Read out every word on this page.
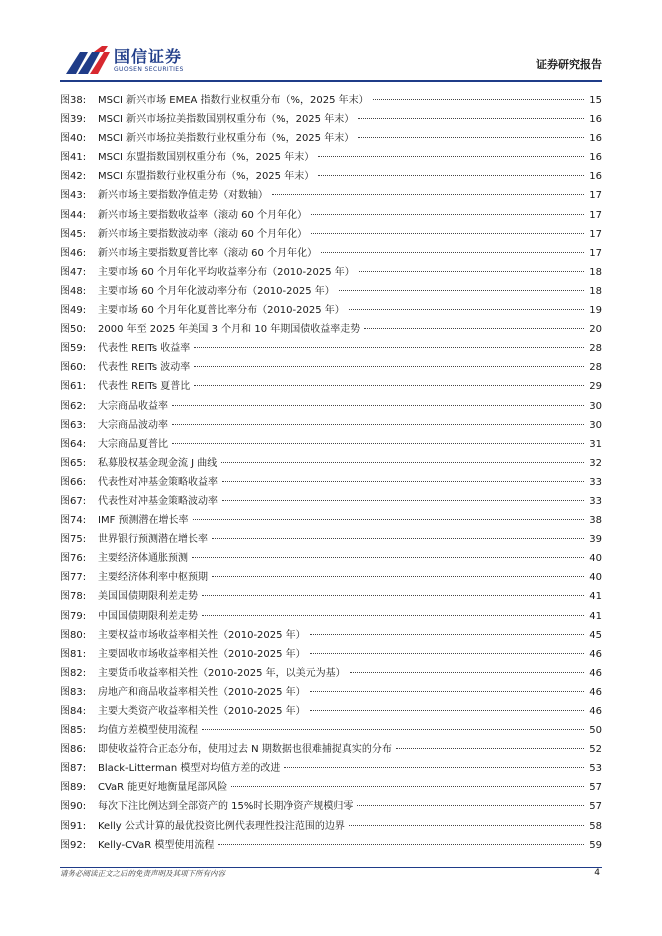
国信证券
GUOSEN SECURITIES	证券研究报告
图38:	MSCI 新兴市场 EMEA 指数行业权重分布（%，2025 年末）	15
图39:	MSCI 新兴市场拉美指数国别权重分布（%，2025 年末）	16
图40:	MSCI 新兴市场拉美指数行业权重分布（%，2025 年末）	16
图41:	MSCI 东盟指数国别权重分布（%，2025 年末）	16
图42:	MSCI 东盟指数行业权重分布（%，2025 年末）	16
图43:	新兴市场主要指数净值走势（对数轴）	17
图44:	新兴市场主要指数收益率（滚动 60 个月年化）	17
图45:	新兴市场主要指数波动率（滚动 60 个月年化）	17
图46:	新兴市场主要指数夏普比率（滚动 60 个月年化）	17
图47:	主要市场 60 个月年化平均收益率分布（2010-2025 年）	18
图48:	主要市场 60 个月年化波动率分布（2010-2025 年）	18
图49:	主要市场 60 个月年化夏普比率分布（2010-2025 年）	19
图50:	2000 年至 2025 年美国 3 个月和 10 年期国债收益率走势	20
图59:	代表性 REITs 收益率	28
图60:	代表性 REITs 波动率	28
图61:	代表性 REITs 夏普比	29
图62:	大宗商品收益率	30
图63:	大宗商品波动率	30
图64:	大宗商品夏普比	31
图65:	私募股权基金现金流 J 曲线	32
图66:	代表性对冲基金策略收益率	33
图67:	代表性对冲基金策略波动率	33
图74:	IMF 预测潜在增长率	38
图75:	世界银行预测潜在增长率	39
图76:	主要经济体通胀预测	40
图77:	主要经济体利率中枢预期	40
图78:	美国国债期限利差走势	41
图79:	中国国债期限利差走势	41
图80:	主要权益市场收益率相关性（2010-2025 年）	45
图81:	主要固收市场收益率相关性（2010-2025 年）	46
图82:	主要货币收益率相关性（2010-2025 年，以美元为基）	46
图83:	房地产和商品收益率相关性（2010-2025 年）	46
图84:	主要大类资产收益率相关性（2010-2025 年）	46
图85:	均值方差模型使用流程	50
图86:	即使收益符合正态分布，使用过去 N 期数据也很难捕捉真实的分布	52
图87:	Black-Litterman 模型对均值方差的改进	53
图89:	CVaR 能更好地衡量尾部风险	57
图90:	每次下注比例达到全部资产的 15%时长期净资产规模归零	57
图91:	Kelly 公式计算的最优投资比例代表理性投注范围的边界	58
图92:	Kelly-CVaR 模型使用流程	59
请务必阅读正文之后的免责声明及其项下所有内容	4
